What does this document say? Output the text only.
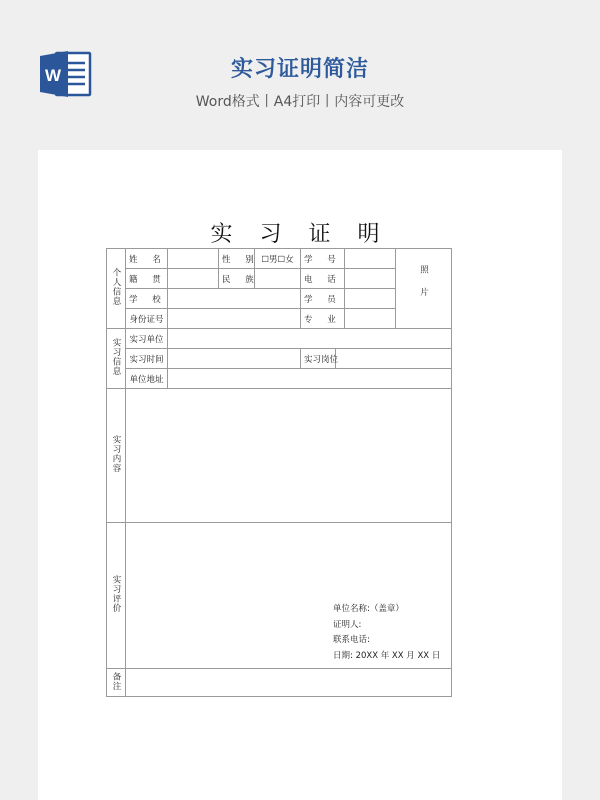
W	实习证明简洁
Word格式丨A4打印丨内容可更改
实 习 证 明
个人信息	姓 名		性 别	☐男☐女	学 号			照片
	籍 贯		民 族		电 话			
	学 校				学 员			
	身份证号				专 业			
实习信息	实习单位							
	实习时间				实习岗位			
	单位地址							
实习内容								
实习评价	单位名称:（盖章）
证明人:
联系电话:
日期: 20XX 年 XX 月 XX 日							

备注								
